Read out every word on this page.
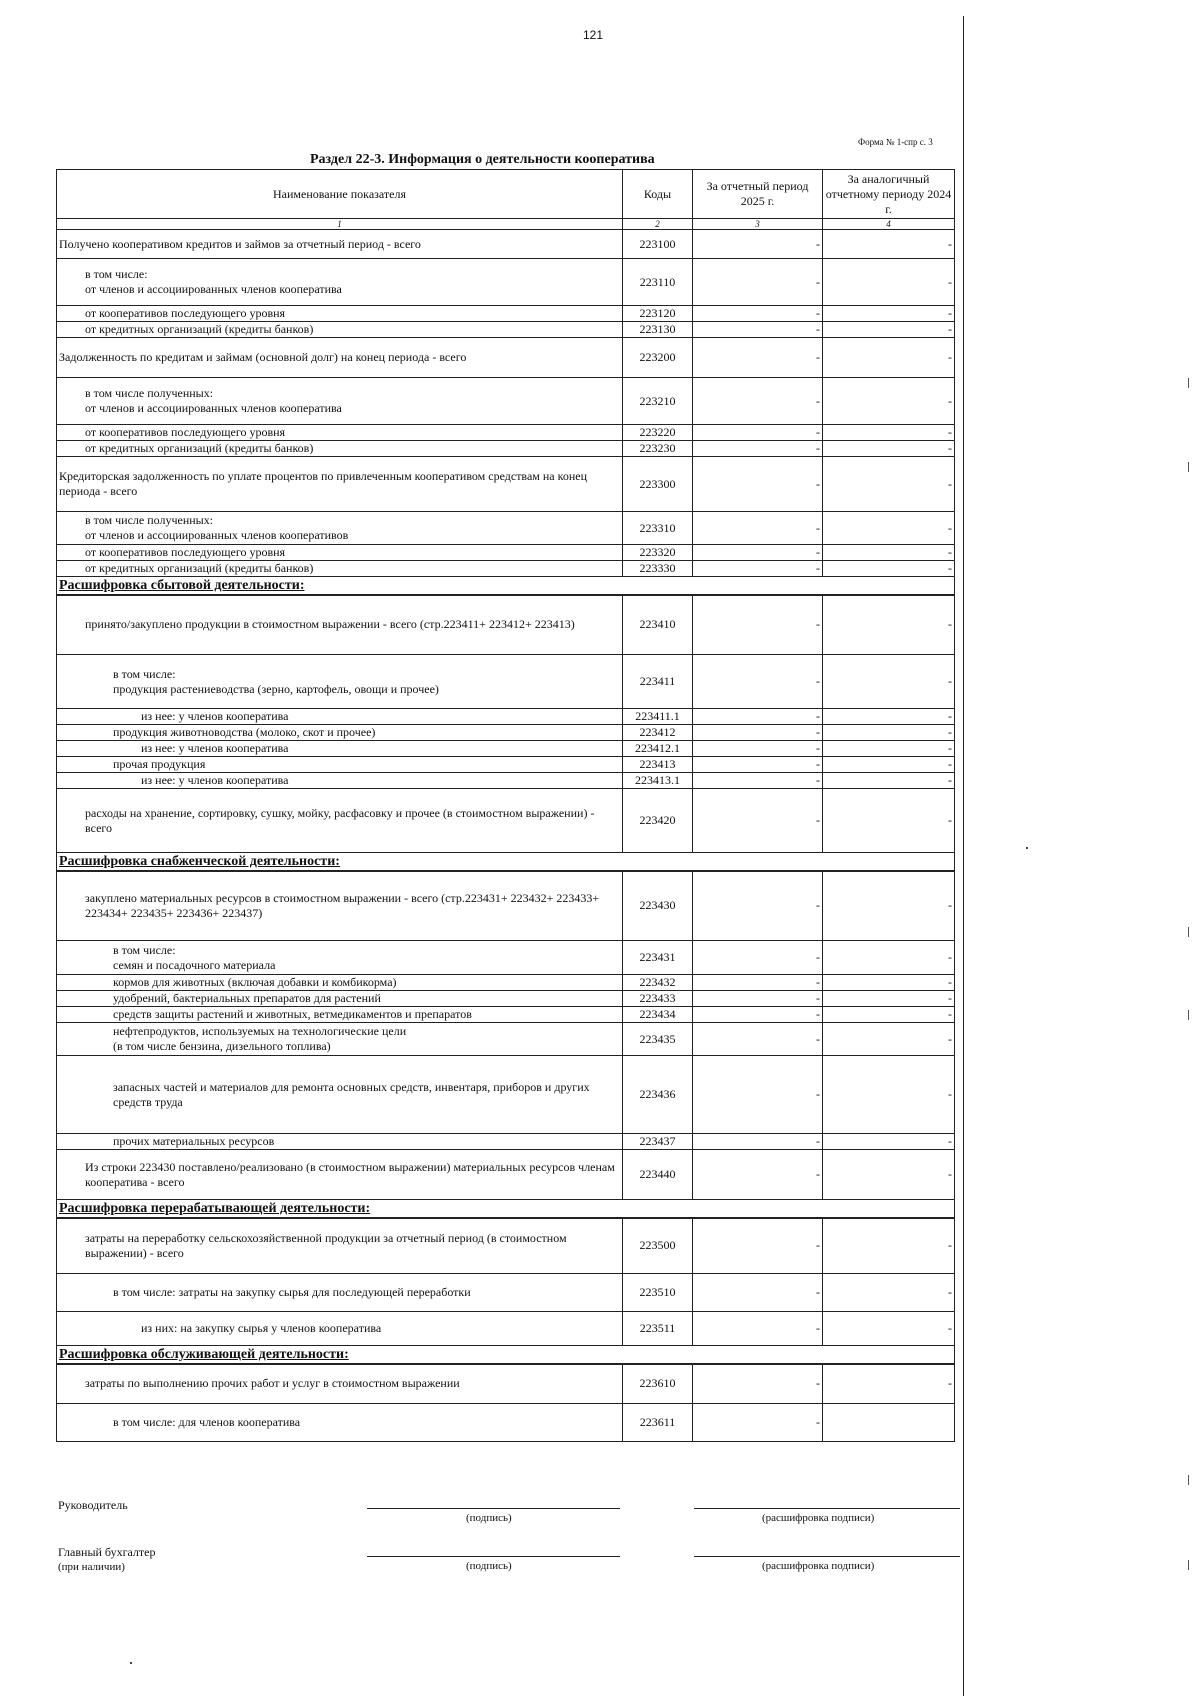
121
Форма № 1-спр с. 3
Раздел 22-3. Информация о деятельности кооператива
Наименование показателя	Коды	За отчетный период 2025 г.	За аналогичный отчетному периоду 2024 г.
1	2	3	4

Получено кооперативом кредитов и займов за отчетный период - всего	223100	-	-

в том числе:
от членов и ассоциированных членов кооператива	223110	-	-

от кооперативов последующего уровня	223120	-	-

от кредитных организаций (кредиты банков)	223130	-	-

Задолженность по кредитам и займам (основной долг) на конец периода - всего	223200	-	-

в том числе полученных:
от членов и ассоциированных членов кооператива	223210	-	-

от кооперативов последующего уровня	223220	-	-

от кредитных организаций (кредиты банков)	223230	-	-

Кредиторская задолженность по уплате процентов по привлеченным кооперативом средствам на конец периода - всего	223300	-	-

в том числе полученных:
от членов и ассоциированных членов кооперативов	223310	-	-

от кооперативов последующего уровня	223320	-	-

от кредитных организаций (кредиты банков)	223330	-	-
Расшифровка сбытовой деятельности:			

принято/закуплено продукции в стоимостном выражении - всего (стр.223411+ 223412+ 223413)	223410	-	-

в том числе:
продукция растениеводства (зерно, картофель, овощи и прочее)	223411	-	-

из нее: у членов кооператива	223411.1	-	-

продукция животноводства (молоко, скот и прочее)	223412	-	-

из нее: у членов кооператива	223412.1	-	-

прочая продукция	223413	-	-

из нее: у членов кооператива	223413.1	-	-

расходы на хранение, сортировку, сушку, мойку, расфасовку и прочее (в стоимостном выражении) - всего	223420	-	-
Расшифровка снабженческой деятельности:			

закуплено материальных ресурсов в стоимостном выражении - всего (стр.223431+ 223432+ 223433+ 223434+ 223435+ 223436+ 223437)	223430	-	-

в том числе:
семян и посадочного материала	223431	-	-

кормов для животных (включая добавки и комбикорма)	223432	-	-

удобрений, бактериальных препаратов для растений	223433	-	-

средств защиты растений и животных, ветмедикаментов и препаратов	223434	-	-

нефтепродуктов, используемых на технологические цели
(в том числе бензина, дизельного топлива)	223435	-	-

запасных частей и материалов для ремонта основных средств, инвентаря, приборов и других средств труда	223436	-	-

прочих материальных ресурсов	223437	-	-

Из строки 223430 поставлено/реализовано (в стоимостном выражении) материальных ресурсов членам кооператива - всего	223440	-	-
Расшифровка перерабатывающей деятельности:			

затраты на переработку сельскохозяйственной продукции за отчетный период (в стоимостном выражении) - всего	223500	-	-

в том числе: затраты на закупку сырья для последующей переработки	223510	-	-

из них: на закупку сырья у членов кооператива	223511	-	-
Расшифровка обслуживающей деятельности:			

затраты по выполнению прочих работ и услуг в стоимостном выражении	223610	-	-

в том числе: для членов кооператива	223611	-	
Руководитель
(подпись)	(расшифровка подписи)
Главный бухгалтер
(при наличии)	(подпись)	(расшифровка подписи)
